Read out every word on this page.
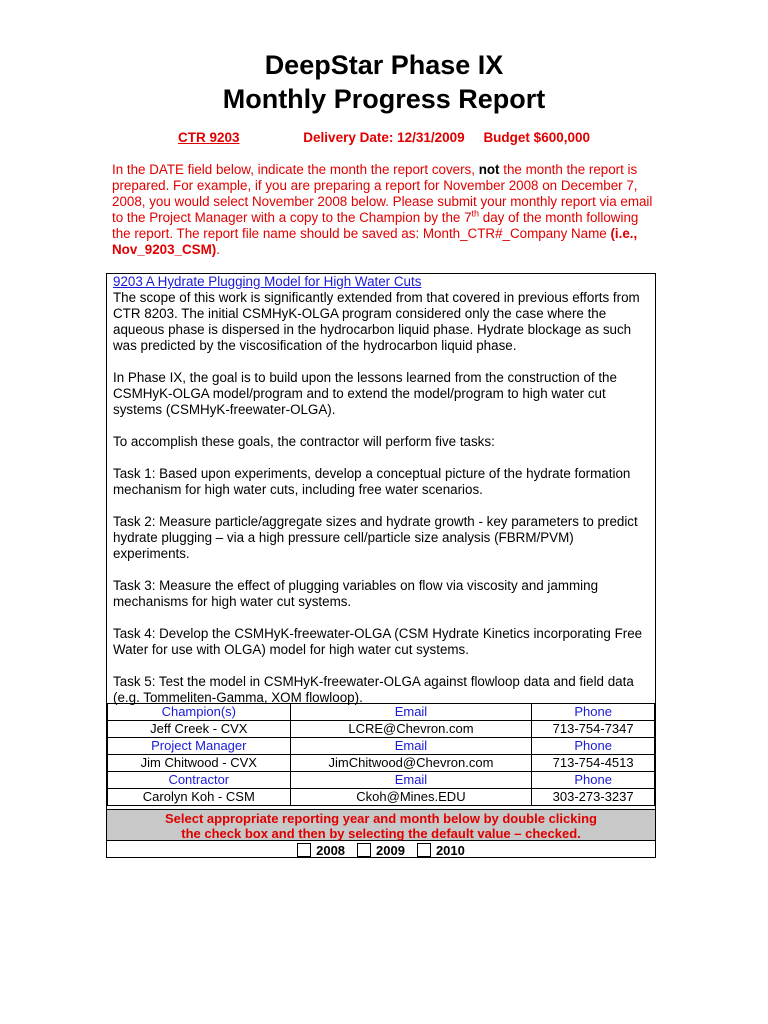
DeepStar Phase IX
Monthly Progress Report
CTR 9203	Delivery Date: 12/31/2009 Budget $600,000
In the DATE field below, indicate the month the report covers, not the month the report is prepared. For example, if you are preparing a report for November 2008 on December 7, 2008, you would select November 2008 below. Please submit your monthly report via email to the Project Manager with a copy to the Champion by the 7th day of the month following the report. The report file name should be saved as: Month_CTR#_Company Name (i.e., Nov_9203_CSM).
9203 A Hydrate Plugging Model for High Water Cuts

The scope of this work is significantly extended from that covered in previous efforts from CTR 8203. The initial CSMHyK-OLGA program considered only the case where the aqueous phase is dispersed in the hydrocarbon liquid phase. Hydrate blockage as such was predicted by the viscosification of the hydrocarbon liquid phase.

In Phase IX, the goal is to build upon the lessons learned from the construction of the CSMHyK-OLGA model/program and to extend the model/program to high water cut systems (CSMHyK-freewater-OLGA).

To accomplish these goals, the contractor will perform five tasks:

Task 1: Based upon experiments, develop a conceptual picture of the hydrate formation mechanism for high water cuts, including free water scenarios.

Task 2: Measure particle/aggregate sizes and hydrate growth - key parameters to predict hydrate plugging – via a high pressure cell/particle size analysis (FBRM/PVM) experiments.

Task 3: Measure the effect of plugging variables on flow via viscosity and jamming mechanisms for high water cut systems.

Task 4: Develop the CSMHyK-freewater-OLGA (CSM Hydrate Kinetics incorporating Free Water for use with OLGA) model for high water cut systems.

Task 5: Test the model in CSMHyK-freewater-OLGA against flowloop data and field data (e.g. Tommeliten-Gamma, XOM flowloop).

Champion(s)	Email	Phone
Jeff Creek - CVX	LCRE@Chevron.com	713-754-7347
Project Manager	Email	Phone
Jim Chitwood - CVX	JimChitwood@Chevron.com	713-754-4513
Contractor	Email	Phone
Carolyn Koh - CSM	Ckoh@Mines.EDU	303-273-3237
Select appropriate reporting year and month below by double clicking
the check box and then by selecting the default value – checked.
2008 2009 2010
